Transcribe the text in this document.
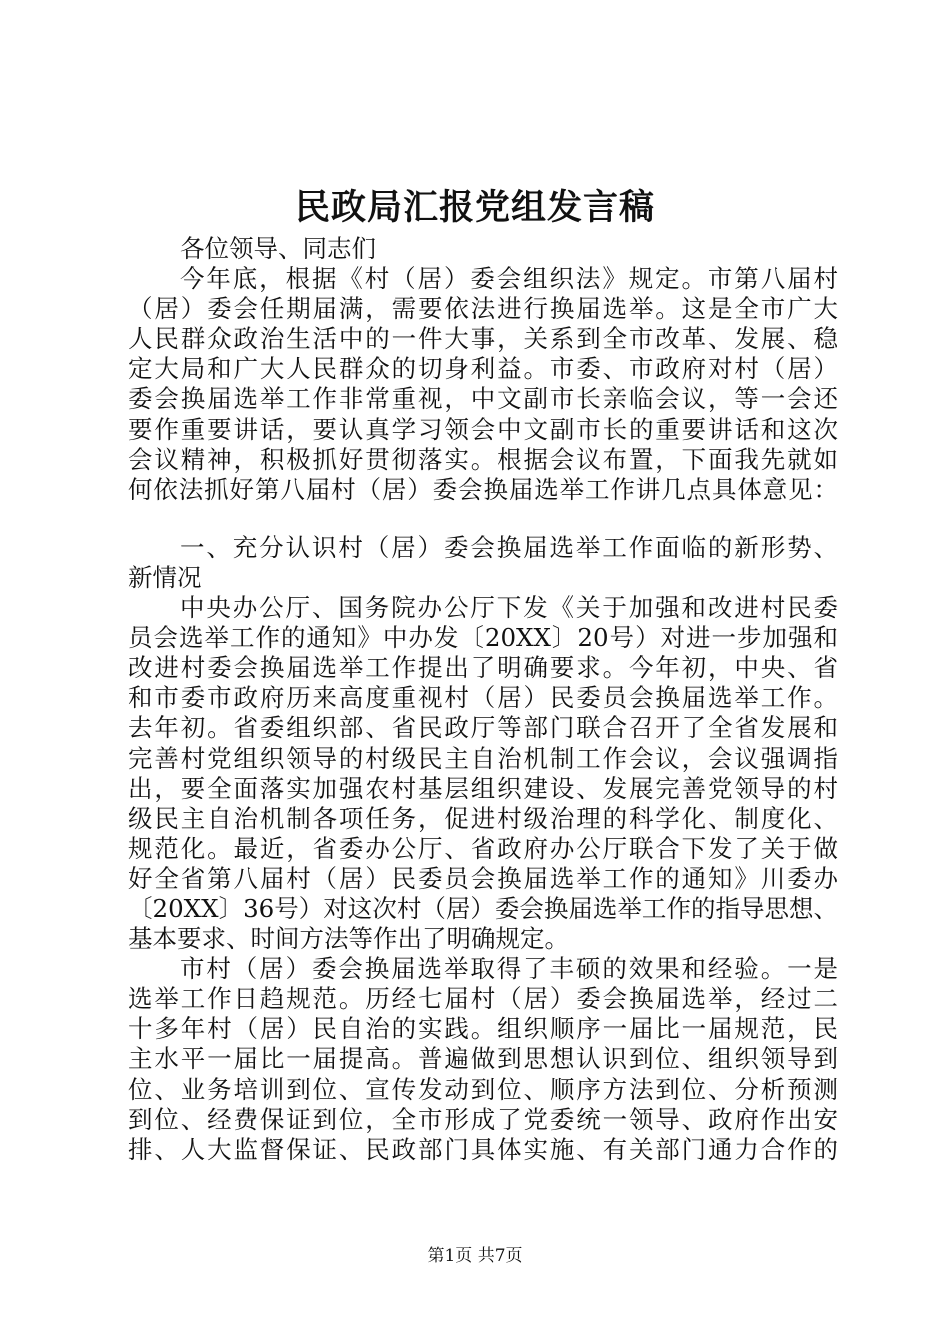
民政局汇报党组发言稿
各位领导、同志们
今年底，根据《村（居）委会组织法》规定。市第八届村
（居）委会任期届满，需要依法进行换届选举。这是全市广大
人民群众政治生活中的一件大事，关系到全市改革、发展、稳
定大局和广大人民群众的切身利益。市委、市政府对村（居）
委会换届选举工作非常重视，中文副市长亲临会议，等一会还
要作重要讲话，要认真学习领会中文副市长的重要讲话和这次
会议精神，积极抓好贯彻落实。根据会议布置，下面我先就如
何依法抓好第八届村（居）委会换届选举工作讲几点具体意见：
一、充分认识村（居）委会换届选举工作面临的新形势、
新情况
中央办公厅、国务院办公厅下发《关于加强和改进村民委
员会选举工作的通知》中办发〔20XX〕20号）对进一步加强和
改进村委会换届选举工作提出了明确要求。今年初，中央、省
和市委市政府历来高度重视村（居）民委员会换届选举工作。
去年初。省委组织部、省民政厅等部门联合召开了全省发展和
完善村党组织领导的村级民主自治机制工作会议，会议强调指
出，要全面落实加强农村基层组织建设、发展完善党领导的村
级民主自治机制各项任务，促进村级治理的科学化、制度化、
规范化。最近，省委办公厅、省政府办公厅联合下发了关于做
好全省第八届村（居）民委员会换届选举工作的通知》川委办
〔20XX〕36号）对这次村（居）委会换届选举工作的指导思想、
基本要求、时间方法等作出了明确规定。
市村（居）委会换届选举取得了丰硕的效果和经验。一是
选举工作日趋规范。历经七届村（居）委会换届选举，经过二
十多年村（居）民自治的实践。组织顺序一届比一届规范，民
主水平一届比一届提高。普遍做到思想认识到位、组织领导到
位、业务培训到位、宣传发动到位、顺序方法到位、分析预测
到位、经费保证到位，全市形成了党委统一领导、政府作出安
排、人大监督保证、民政部门具体实施、有关部门通力合作的
第1页 共7页
